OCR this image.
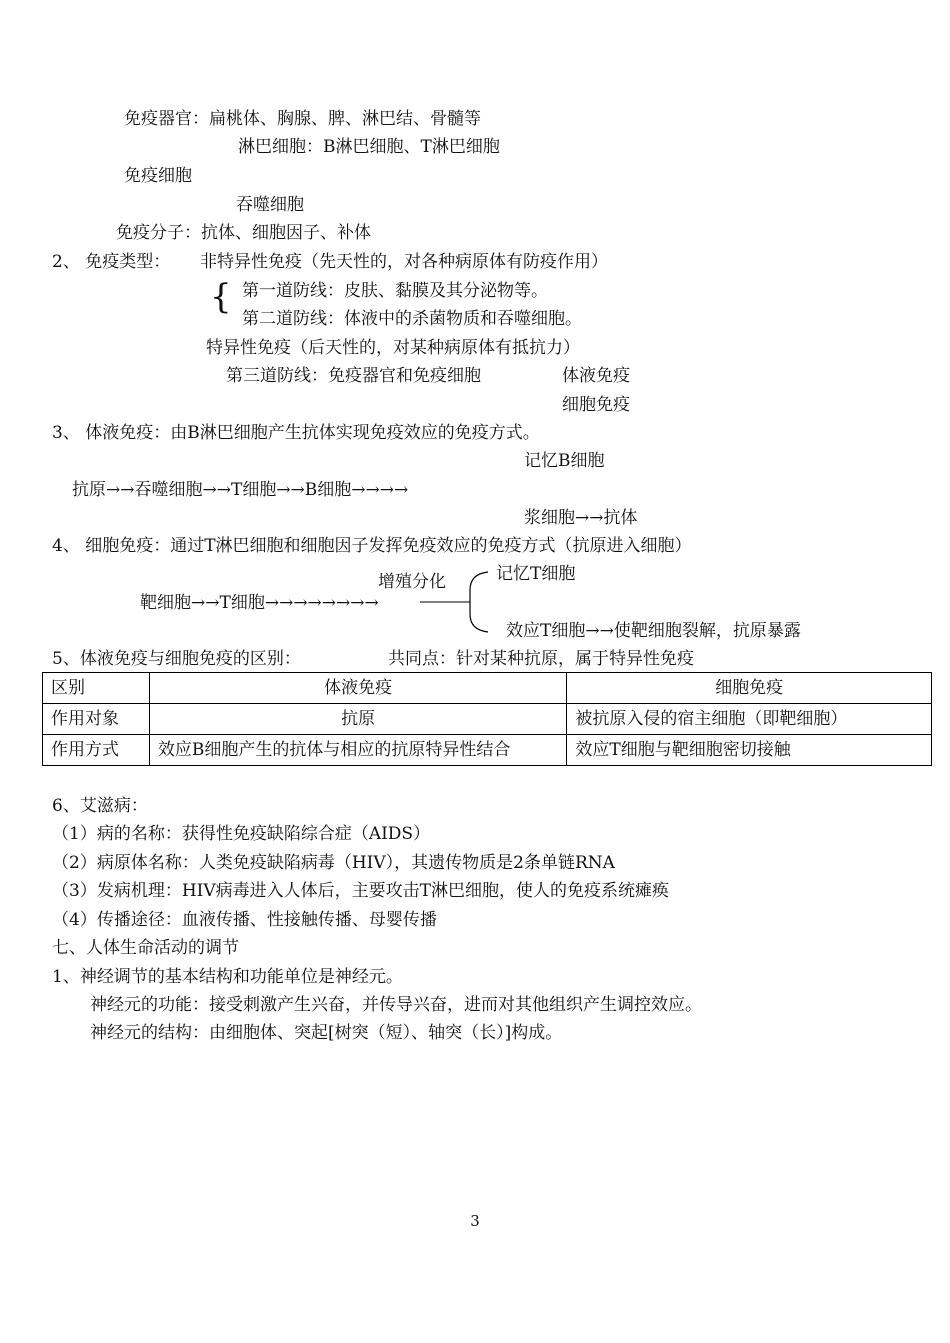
免疫器官：扁桃体、胸腺、脾、淋巴结、骨髓等
淋巴细胞：B淋巴细胞、T淋巴细胞
免疫细胞
吞噬细胞
免疫分子：抗体、细胞因子、补体
2、 免疫类型： 非特异性免疫（先天性的，对各种病原体有防疫作用）
{ 第一道防线：皮肤、黏膜及其分泌物等。
第二道防线：体液中的杀菌物质和吞噬细胞。
特异性免疫（后天性的，对某种病原体有抵抗力）
第三道防线：免疫器官和免疫细胞	体液免疫
细胞免疫
3、 体液免疫：由B淋巴细胞产生抗体实现免疫效应的免疫方式。
记忆B细胞
抗原→→吞噬细胞→→T细胞→→B细胞→→→→
浆细胞→→抗体
4、 细胞免疫：通过T淋巴细胞和细胞因子发挥免疫效应的免疫方式（抗原进入细胞）
增殖分化	记忆T细胞
靶细胞→→T细胞→→→→→→→→
效应T细胞→→使靶细胞裂解，抗原暴露
5、体液免疫与细胞免疫的区别：	共同点：针对某种抗原，属于特异性免疫
区别	体液免疫	细胞免疫
作用对象	抗原	被抗原入侵的宿主细胞（即靶细胞）
作用方式	效应B细胞产生的抗体与相应的抗原特异性结合	效应T细胞与靶细胞密切接触
6、艾滋病：
（1）病的名称：获得性免疫缺陷综合症（AIDS）
（2）病原体名称：人类免疫缺陷病毒（HIV），其遗传物质是2条单链RNA
（3）发病机理：HIV病毒进入人体后，主要攻击T淋巴细胞，使人的免疫系统瘫痪
（4）传播途径：血液传播、性接触传播、母婴传播
七、人体生命活动的调节
1、神经调节的基本结构和功能单位是神经元。
神经元的功能：接受刺激产生兴奋，并传导兴奋，进而对其他组织产生调控效应。
神经元的结构：由细胞体、突起[树突（短）、轴突（长）]构成。
3
